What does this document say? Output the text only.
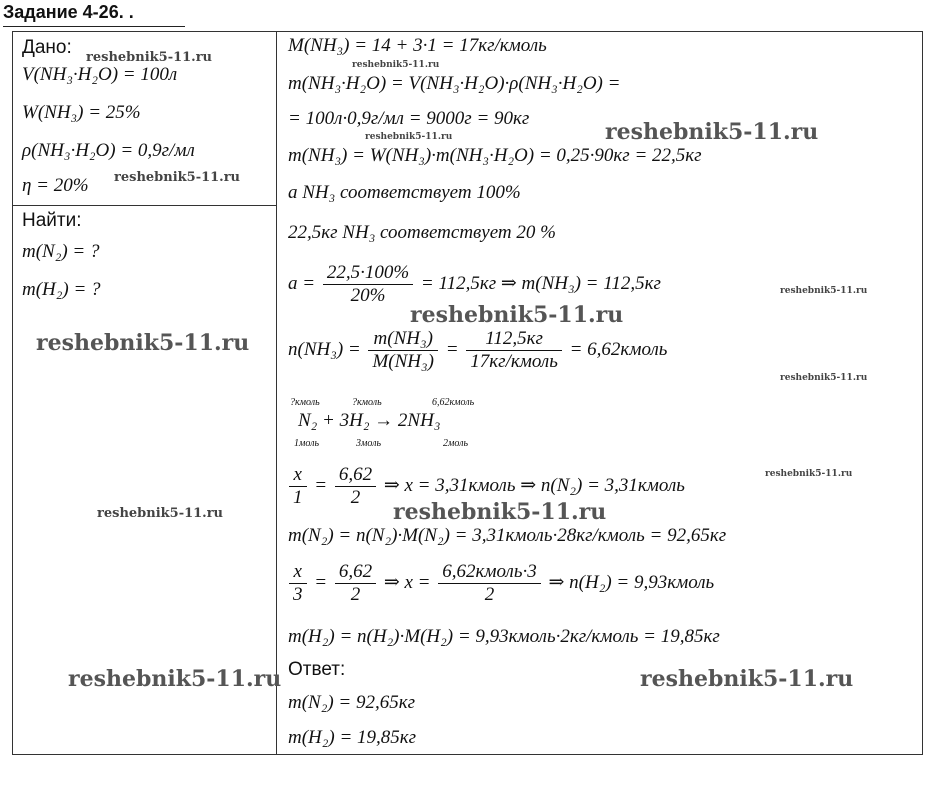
Задание 4-26. .
Дано:
V(NH₃·H₂O) = 100л
W(NH₃) = 25%
ρ(NH₃·H₂O) = 0,9г/мл
η = 20%
Найти:
m(N₂) = ?
m(H₂) = ?
M(NH₃) = 14 + 3·1 = 17кг/кмоль
m(NH₃·H₂O) = V(NH₃·H₂O)·ρ(NH₃·H₂O) =
= 100л·0,9г/мл = 9000г = 90кг
m(NH₃) = W(NH₃)·m(NH₃·H₂O) = 0,25·90кг = 22,5кг
a NH₃ соответствует 100%
22,5кг NH₃ соответствует 20 %
$a = \frac{22,5\cdot 100\%}{20\%} = 112,5кг$ ⇒ m(NH₃) = 112,5кг
$n(NH_3) = \frac{\text{m(NH₃)}}{\text{M(NH₃)}} = \frac{112,5кг}{\text{17кг/кмоль}}$ = 6,62кмоль
?кмоль	?кмоль	6,62кмоль
N₂ + 3H₂ → 2NH₃
1моль	3моль	2моль
$\frac{x}{1} = \frac{6,62}{2}$ ⇒ x = 3,31кмоль ⇒ n(N₂) = 3,31кмоль
m(N₂) = n(N₂)·M(N₂) = 3,31кмоль·28кг/кмоль = 92,65кг
$\frac{x}{3} = \frac{6,62}{2}$ ⇒ $x = \frac{\text{6,62кмоль·3}}{2}$ ⇒ n(H₂) = 9,93кмоль
m(H₂) = n(H₂)·M(H₂) = 9,93кмоль·2кг/кмоль = 19,85кг
Ответ:
m(N₂) = 92,65кг
m(H₂) = 19,85кг
reshebnik5-11.ru
reshebnik5-11.ru
reshebnik5-11.ru
reshebnik5-11.ru
reshebnik5-11.ru
reshebnik5-11.ru
reshebnik5-11.ru	reshebnik5-11.ru
reshebnik5-11.ru
reshebnik5-11.ru
reshebnik5-11.ru
reshebnik5-11.ru
reshebnik5-11.ru
reshebnik5-11.ru
